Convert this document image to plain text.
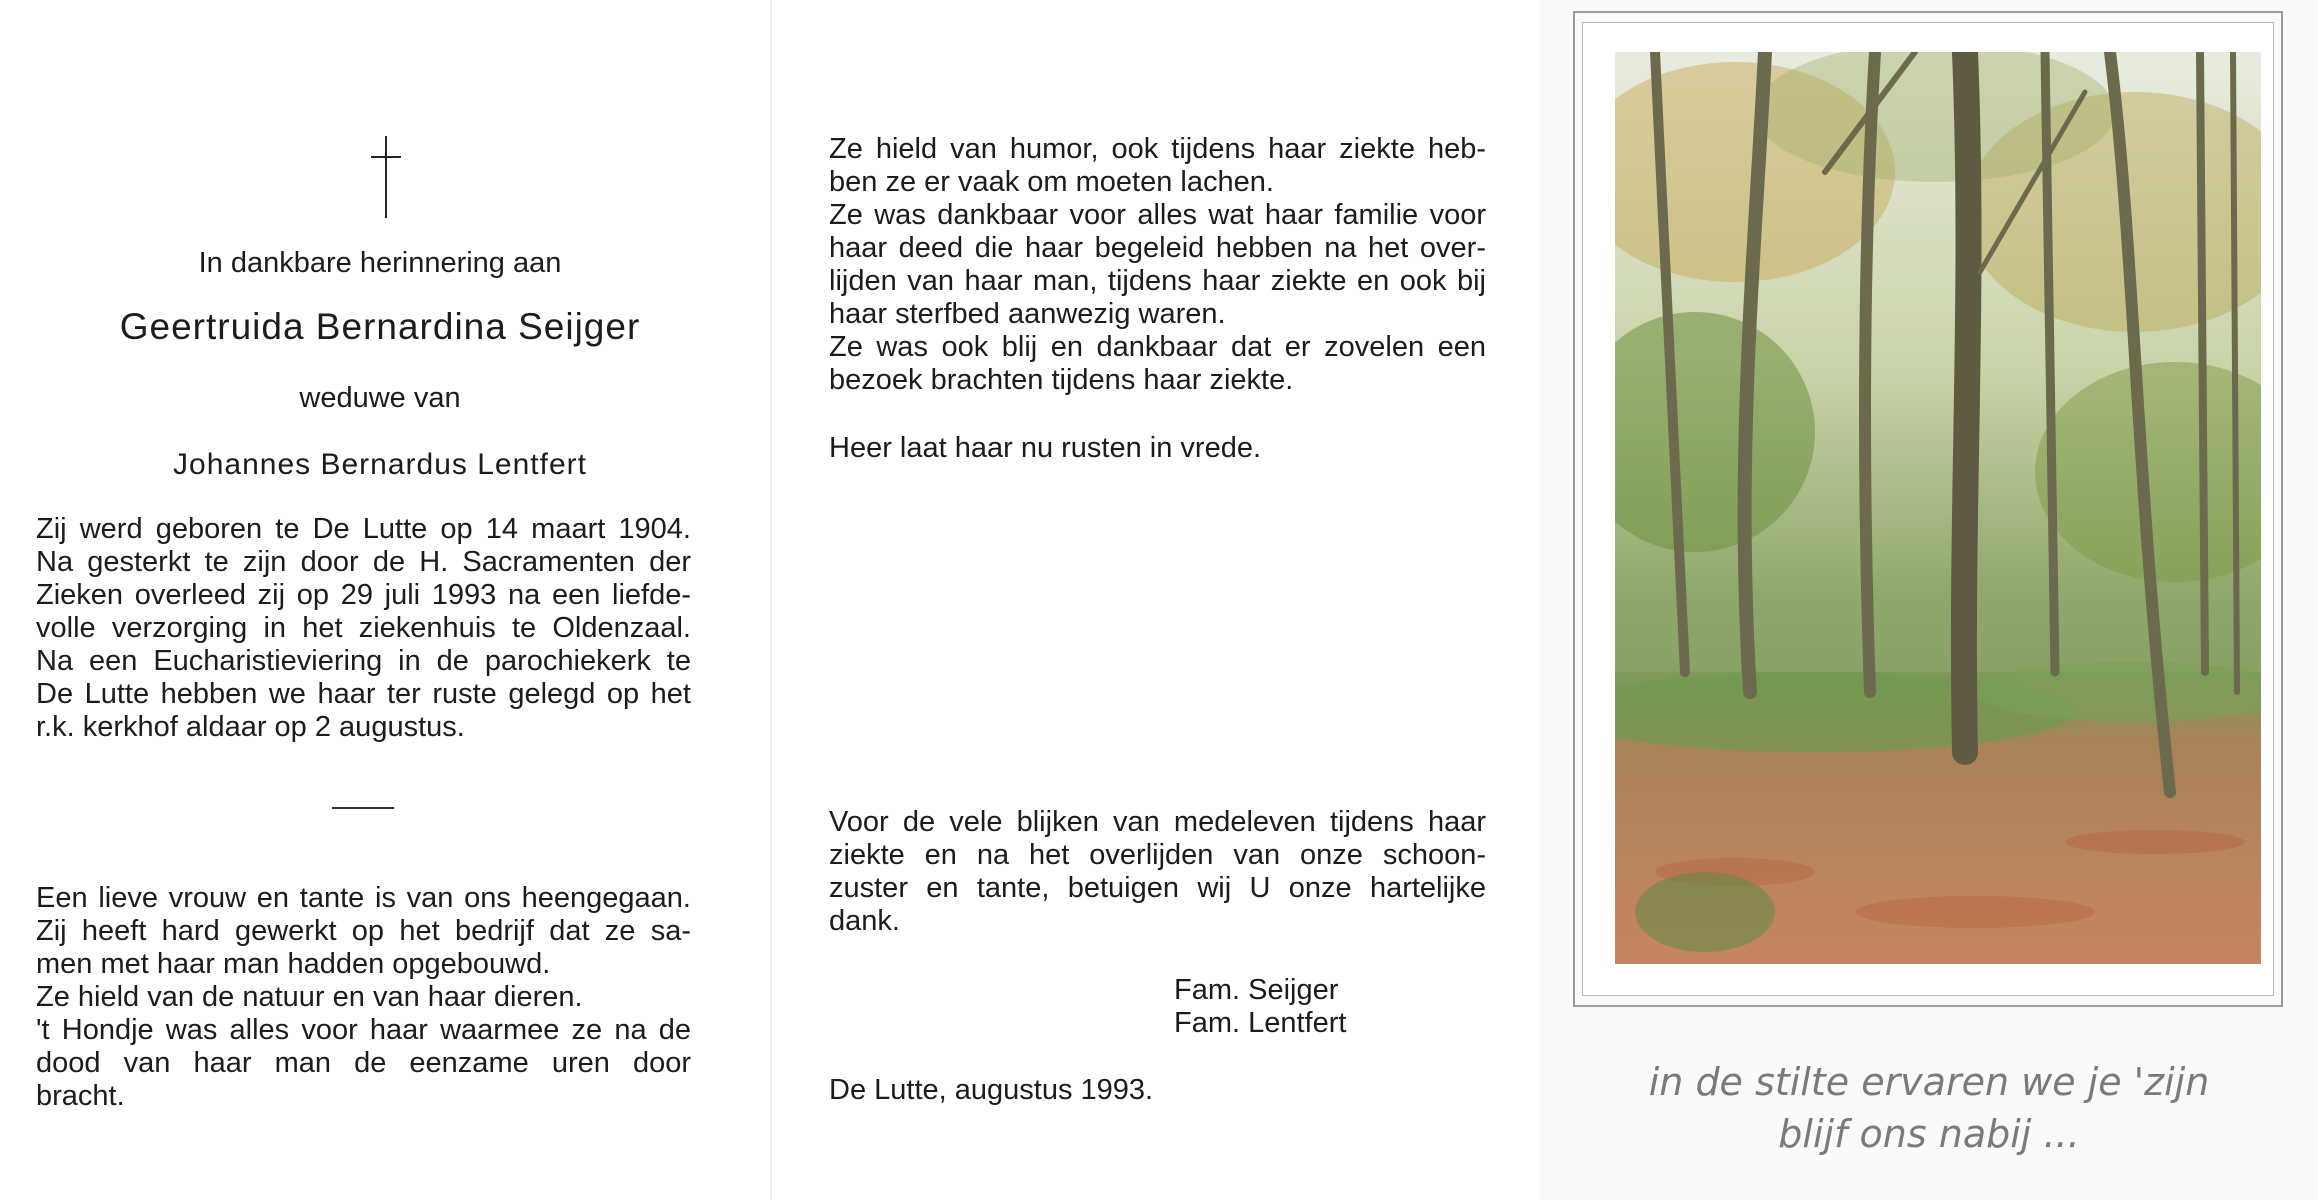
In dankbare herinnering aan
Geertruida Bernardina Seijger
weduwe van
Johannes Bernardus Lentfert
Zij werd geboren te De Lutte op 14 maart 1904.
Na gesterkt te zijn door de H. Sacramenten der
Zieken overleed zij op 29 juli 1993 na een liefde-
volle verzorging in het ziekenhuis te Oldenzaal.
Na een Eucharistieviering in de parochiekerk te
De Lutte hebben we haar ter ruste gelegd op het
r.k. kerkhof aldaar op 2 augustus.
Een lieve vrouw en tante is van ons heengegaan.
Zij heeft hard gewerkt op het bedrijf dat ze sa-
men met haar man hadden opgebouwd.
Ze hield van de natuur en van haar dieren.
't Hondje was alles voor haar waarmee ze na de
dood van haar man de eenzame uren door
bracht.
Ze hield van humor, ook tijdens haar ziekte heb-
ben ze er vaak om moeten lachen.
Ze was dankbaar voor alles wat haar familie voor
haar deed die haar begeleid hebben na het over-
lijden van haar man, tijdens haar ziekte en ook bij
haar sterfbed aanwezig waren.
Ze was ook blij en dankbaar dat er zovelen een
bezoek brachten tijdens haar ziekte.
Heer laat haar nu rusten in vrede.
Voor de vele blijken van medeleven tijdens haar
ziekte en na het overlijden van onze schoon-
zuster en tante, betuigen wij U onze hartelijke
dank.
Fam. Seijger
Fam. Lentfert
De Lutte, augustus 1993.	in de stilte ervaren we je 'zijn
blijf ons nabij ...
